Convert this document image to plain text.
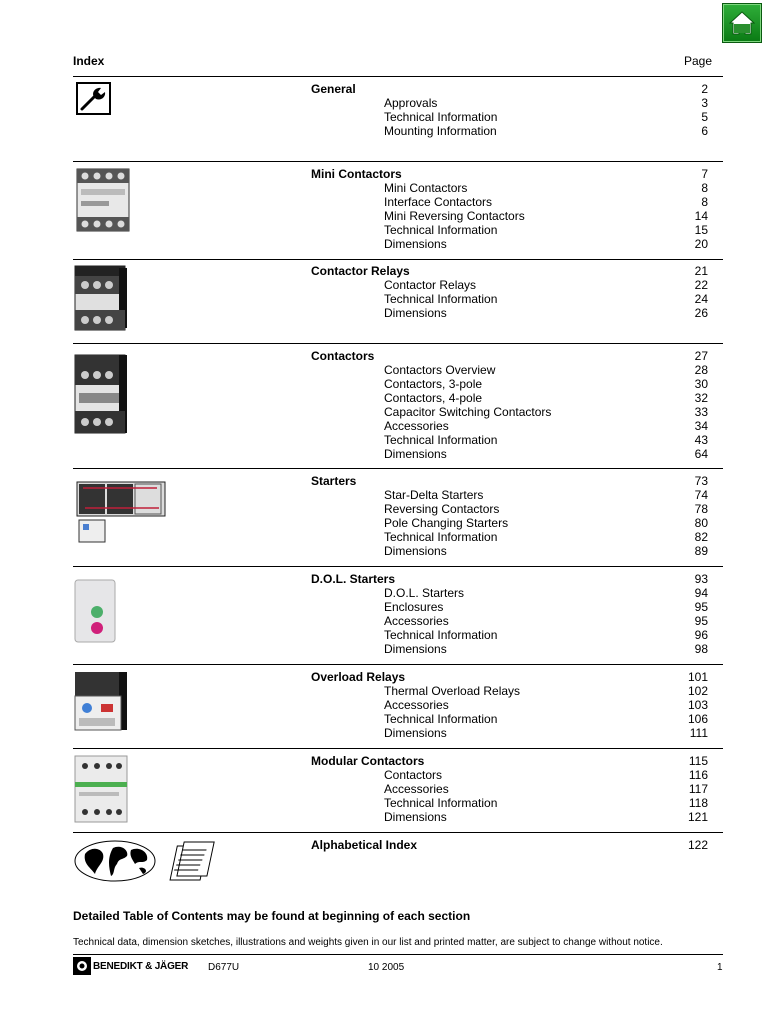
Index	Page
General	2
Approvals	3
Technical Information	5
Mounting Information	6
Mini Contactors	7
Mini Contactors	8
Interface Contactors	8
Mini Reversing Contactors	14
Technical Information	15
Dimensions	20
Contactor Relays	21
Contactor Relays	22
Technical Information	24
Dimensions	26
Contactors	27
Contactors Overview	28
Contactors, 3-pole	30
Contactors, 4-pole	32
Capacitor Switching Contactors	33
Accessories	34
Technical Information	43
Dimensions	64
Starters	73
Star-Delta Starters	74
Reversing Contactors	78
Pole Changing Starters	80
Technical Information	82
Dimensions	89
D.O.L. Starters	93
D.O.L. Starters	94
Enclosures	95
Accessories	95
Technical Information	96
Dimensions	98
Overload Relays	101
Thermal Overload Relays	102
Accessories	103
Technical Information	106
Dimensions	111
Modular Contactors	115
Contactors	116
Accessories	117
Technical Information	118
Dimensions	121
Alphabetical Index	122
Detailed Table of Contents may be found at beginning of each section
Technical data, dimension sketches, illustrations and weights given in our list and printed matter, are subject to change without notice.
BENEDIKT & JÄGER D677U	10 2005	1
